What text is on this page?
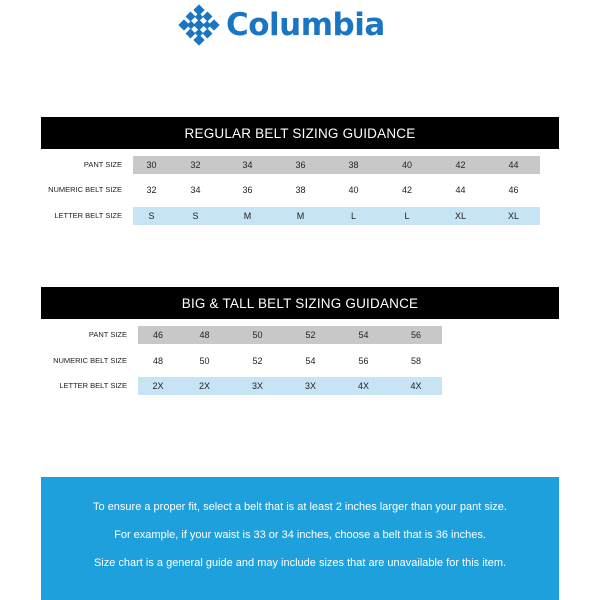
Columbia
REGULAR BELT SIZING GUIDANCE
PANT SIZE	30	32	34	36	38	40	42	44
NUMERIC BELT SIZE	32	34	36	38	40	42	44	46
LETTER BELT SIZE	S	S	M	M	L	L	XL	XL
BIG & TALL BELT SIZING GUIDANCE
PANT SIZE	46	48	50	52	54	56
NUMERIC BELT SIZE	48	50	52	54	56	58
LETTER BELT SIZE	2X	2X	3X	3X	4X	4X

To ensure a proper fit, select a belt that is at least 2 inches larger than your pant size.

For example, if your waist is 33 or 34 inches, choose a belt that is 36 inches.

Size chart is a general guide and may include sizes that are unavailable for this item.
